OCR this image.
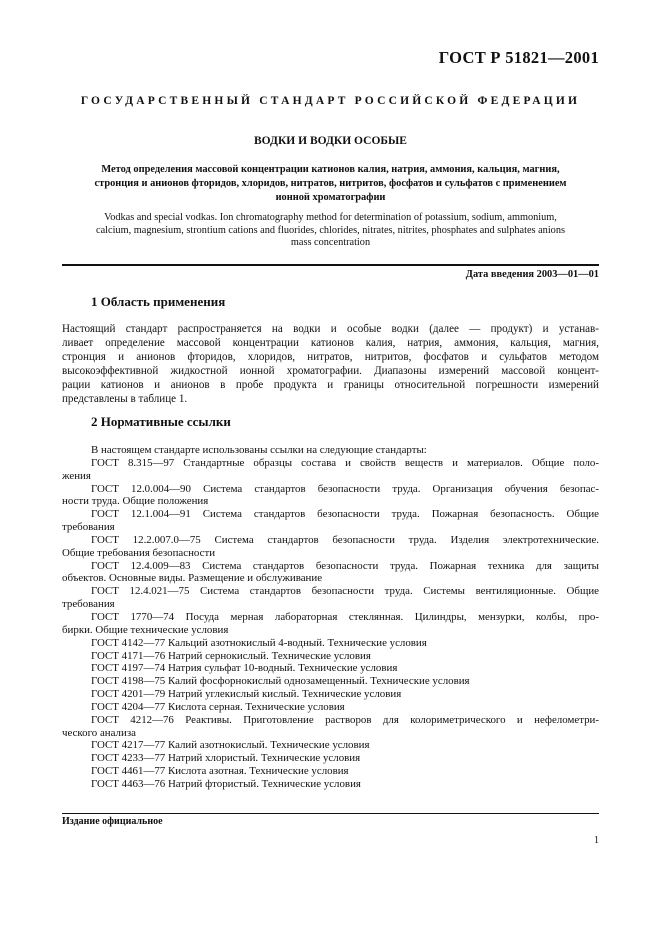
ГОСТ Р 51821—2001
ГОСУДАРСТВЕННЫЙ СТАНДАРТ РОССИЙСКОЙ ФЕДЕРАЦИИ
ВОДКИ И ВОДКИ ОСОБЫЕ
Метод определения массовой концентрации катионов калия, натрия, аммония, кальция, магния,
стронция и анионов фторидов, хлоридов, нитратов, нитритов, фосфатов и сульфатов с применением
ионной хроматографии
Vodkas and special vodkas. Ion chromatography method for determination of potassium, sodium, ammonium,
calcium, magnesium, strontium cations and fluorides, chlorides, nitrates, nitrites, phosphates and sulphates anions
mass concentration
Дата введения 2003—01—01
1 Область применения
Настоящий стандарт распространяется на водки и особые водки (далее — продукт) и устанав-
ливает определение массовой концентрации катионов калия, натрия, аммония, кальция, магния,
стронция и анионов фторидов, хлоридов, нитратов, нитритов, фосфатов и сульфатов методом
высокоэффективной жидкостной ионной хроматографии. Диапазоны измерений массовой концент-
рации катионов и анионов в пробе продукта и границы относительной погрешности измерений
представлены в таблице 1.
2 Нормативные ссылки
В настоящем стандарте использованы ссылки на следующие стандарты:
ГОСТ 8.315—97 Стандартные образцы состава и свойств веществ и материалов. Общие поло-
жения
ГОСТ 12.0.004—90 Система стандартов безопасности труда. Организация обучения безопас-
ности труда. Общие положения
ГОСТ 12.1.004—91 Система стандартов безопасности труда. Пожарная безопасность. Общие
требования
ГОСТ 12.2.007.0—75 Система стандартов безопасности труда. Изделия электротехнические.
Общие требования безопасности
ГОСТ 12.4.009—83 Система стандартов безопасности труда. Пожарная техника для защиты
объектов. Основные виды. Размещение и обслуживание
ГОСТ 12.4.021—75 Система стандартов безопасности труда. Системы вентиляционные. Общие
требования
ГОСТ 1770—74 Посуда мерная лабораторная стеклянная. Цилиндры, мензурки, колбы, про-
бирки. Общие технические условия
ГОСТ 4142—77 Кальций азотнокислый 4-водный. Технические условия
ГОСТ 4171—76 Натрий сернокислый. Технические условия
ГОСТ 4197—74 Натрия сульфат 10-водный. Технические условия
ГОСТ 4198—75 Калий фосфорнокислый однозамещенный. Технические условия
ГОСТ 4201—79 Натрий углекислый кислый. Технические условия
ГОСТ 4204—77 Кислота серная. Технические условия
ГОСТ 4212—76 Реактивы. Приготовление растворов для колориметрического и нефелометри-
ческого анализа
ГОСТ 4217—77 Калий азотнокислый. Технические условия
ГОСТ 4233—77 Натрий хлористый. Технические условия
ГОСТ 4461—77 Кислота азотная. Технические условия
ГОСТ 4463—76 Натрий фтористый. Технические условия
Издание официальное
1
